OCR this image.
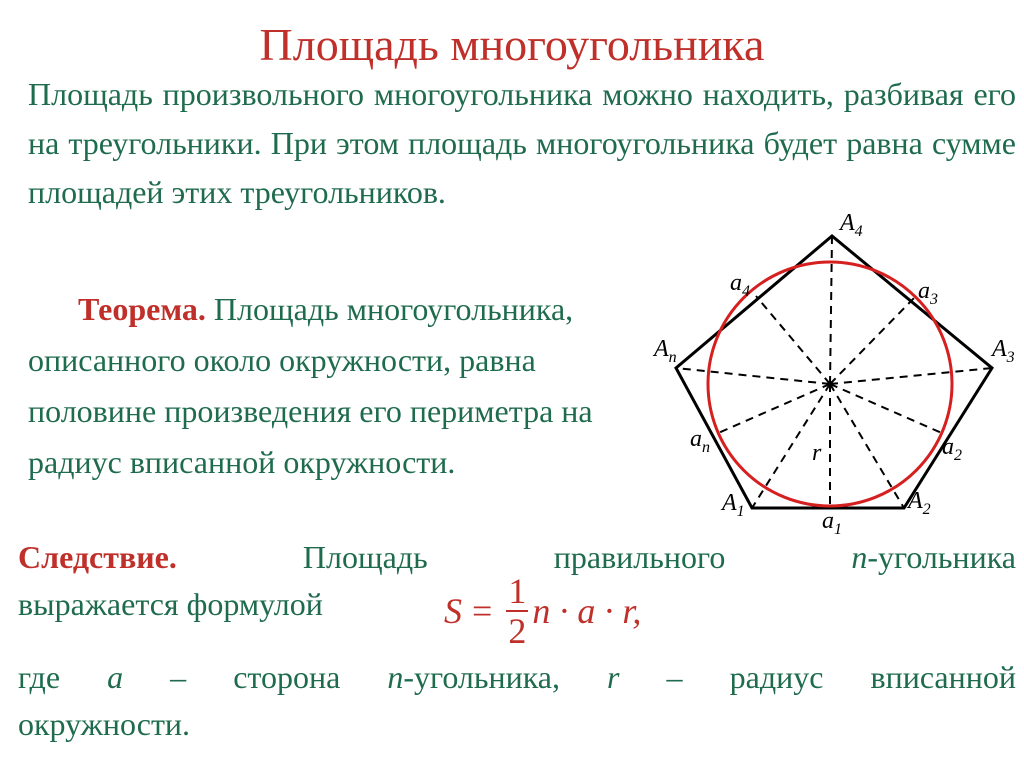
Площадь многоугольника
Площадь произвольного многоугольника можно находить, разбивая его на треугольники. При этом площадь многоугольника будет равна сумме площадей этих треугольников.
Теорема. Площадь многоугольника, описанного около окружности, равна половине произведения его периметра на радиус вписанной окружности.
$A_1$	$A_2$
$A_3$
$A_4$
$A_n$
$a_1$
$a_2$
$a_3$
$a_4$
$a_n$	r
Следствие.	Площадь	правильного	n-угольника
выражается формулой	$S = \frac{1}{2}$ n · a · r,
где a – сторона n-угольника, r – радиус вписанной
окружности.
